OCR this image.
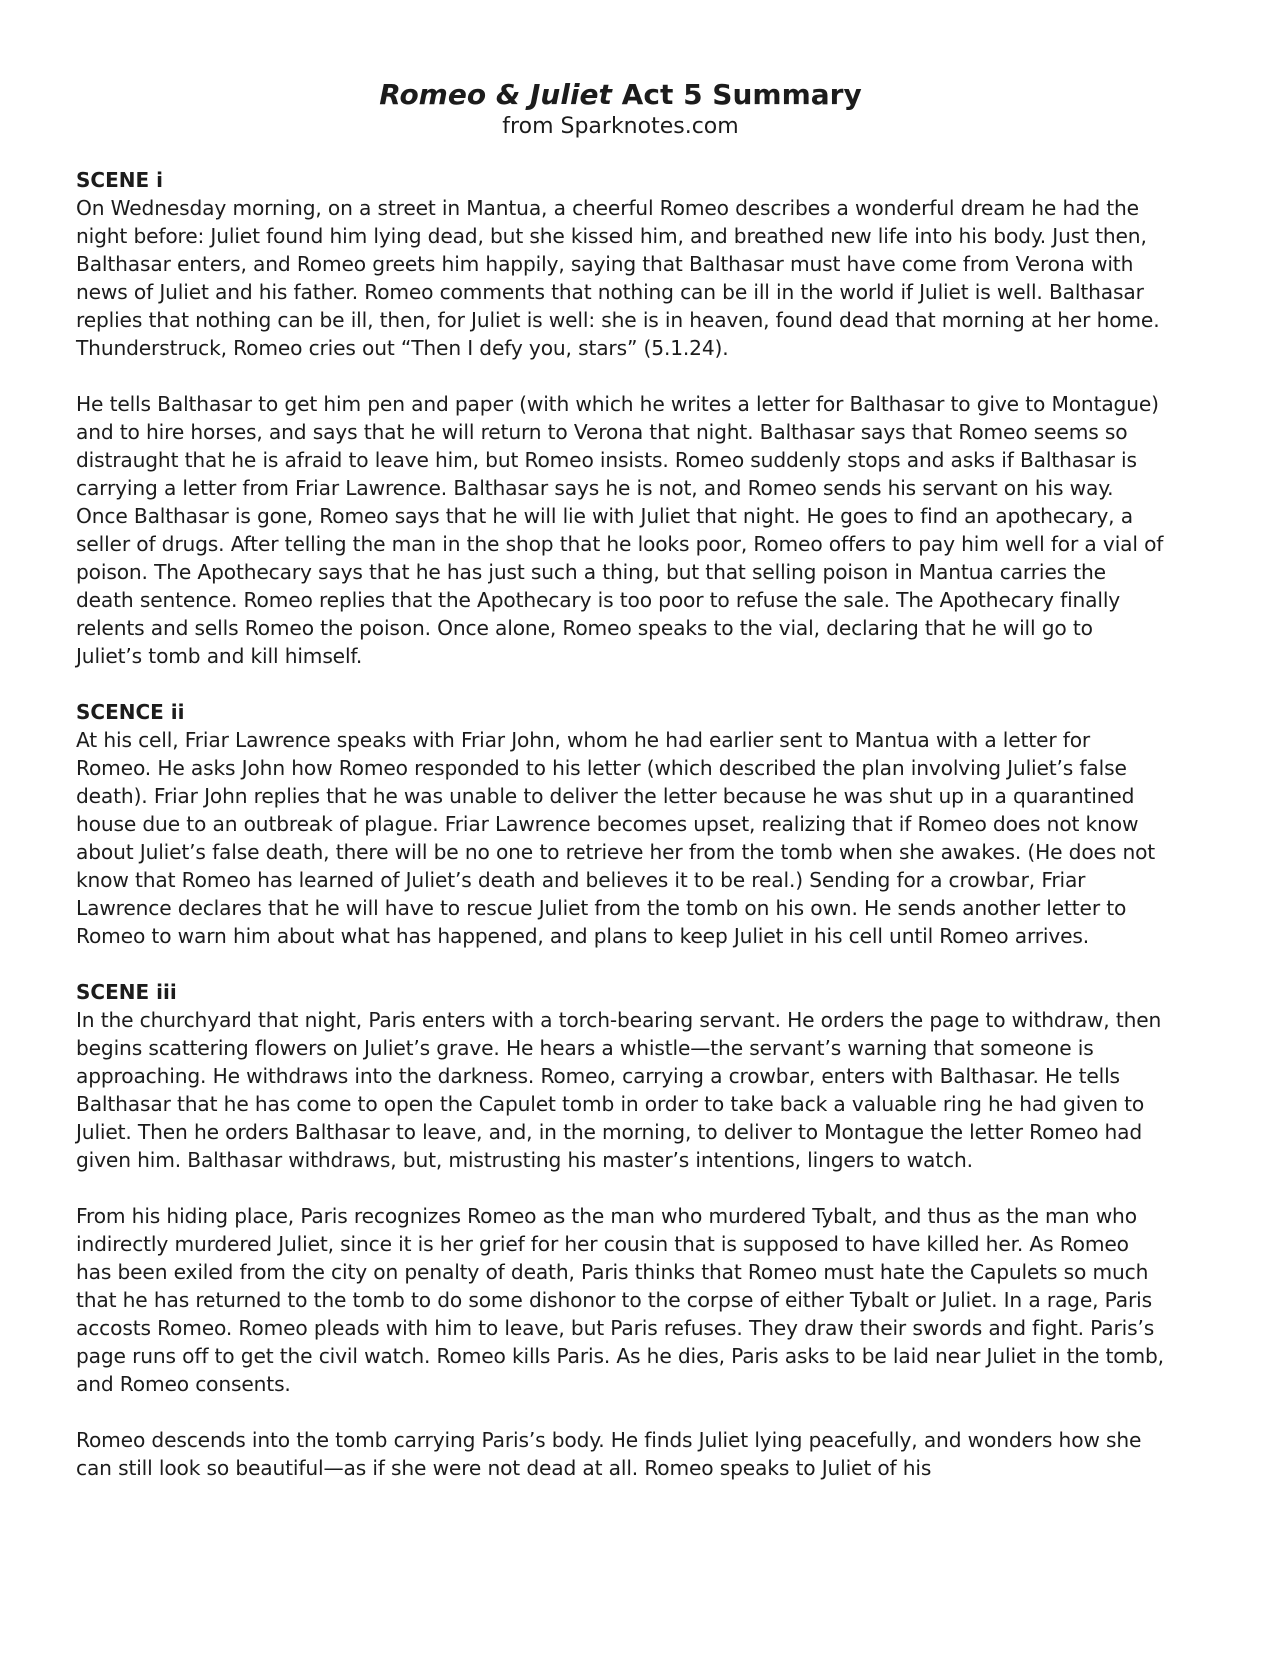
Romeo & Juliet Act 5 Summary
from Sparknotes.com
SCENE i

On Wednesday morning, on a street in Mantua, a cheerful Romeo describes a wonderful dream he had the night before: Juliet found him lying dead, but she kissed him, and breathed new life into his body. Just then, Balthasar enters, and Romeo greets him happily, saying that Balthasar must have come from Verona with news of Juliet and his father. Romeo comments that nothing can be ill in the world if Juliet is well. Balthasar replies that nothing can be ill, then, for Juliet is well: she is in heaven, found dead that morning at her home. Thunderstruck, Romeo cries out “Then I defy you, stars” (5.1.24).

He tells Balthasar to get him pen and paper (with which he writes a letter for Balthasar to give to Montague) and to hire horses, and says that he will return to Verona that night. Balthasar says that Romeo seems so distraught that he is afraid to leave him, but Romeo insists. Romeo suddenly stops and asks if Balthasar is carrying a letter from Friar Lawrence. Balthasar says he is not, and Romeo sends his servant on his way. Once Balthasar is gone, Romeo says that he will lie with Juliet that night. He goes to find an apothecary, a seller of drugs. After telling the man in the shop that he looks poor, Romeo offers to pay him well for a vial of poison. The Apothecary says that he has just such a thing, but that selling poison in Mantua carries the death sentence. Romeo replies that the Apothecary is too poor to refuse the sale. The Apothecary finally relents and sells Romeo the poison. Once alone, Romeo speaks to the vial, declaring that he will go to Juliet’s tomb and kill himself.

SCENCE ii

At his cell, Friar Lawrence speaks with Friar John, whom he had earlier sent to Mantua with a letter for Romeo. He asks John how Romeo responded to his letter (which described the plan involving Juliet’s false death). Friar John replies that he was unable to deliver the letter because he was shut up in a quarantined house due to an outbreak of plague. Friar Lawrence becomes upset, realizing that if Romeo does not know about Juliet’s false death, there will be no one to retrieve her from the tomb when she awakes. (He does not know that Romeo has learned of Juliet’s death and believes it to be real.) Sending for a crowbar, Friar Lawrence declares that he will have to rescue Juliet from the tomb on his own. He sends another letter to Romeo to warn him about what has happened, and plans to keep Juliet in his cell until Romeo arrives.

SCENE iii

In the churchyard that night, Paris enters with a torch-bearing servant. He orders the page to withdraw, then begins scattering flowers on Juliet’s grave. He hears a whistle—the servant’s warning that someone is approaching. He withdraws into the darkness. Romeo, carrying a crowbar, enters with Balthasar. He tells Balthasar that he has come to open the Capulet tomb in order to take back a valuable ring he had given to Juliet. Then he orders Balthasar to leave, and, in the morning, to deliver to Montague the letter Romeo had given him. Balthasar withdraws, but, mistrusting his master’s intentions, lingers to watch.

From his hiding place, Paris recognizes Romeo as the man who murdered Tybalt, and thus as the man who indirectly murdered Juliet, since it is her grief for her cousin that is supposed to have killed her. As Romeo has been exiled from the city on penalty of death, Paris thinks that Romeo must hate the Capulets so much that he has returned to the tomb to do some dishonor to the corpse of either Tybalt or Juliet. In a rage, Paris accosts Romeo. Romeo pleads with him to leave, but Paris refuses. They draw their swords and fight. Paris’s page runs off to get the civil watch. Romeo kills Paris. As he dies, Paris asks to be laid near Juliet in the tomb, and Romeo consents.

Romeo descends into the tomb carrying Paris’s body. He finds Juliet lying peacefully, and wonders how she can still look so beautiful—as if she were not dead at all. Romeo speaks to Juliet of his
